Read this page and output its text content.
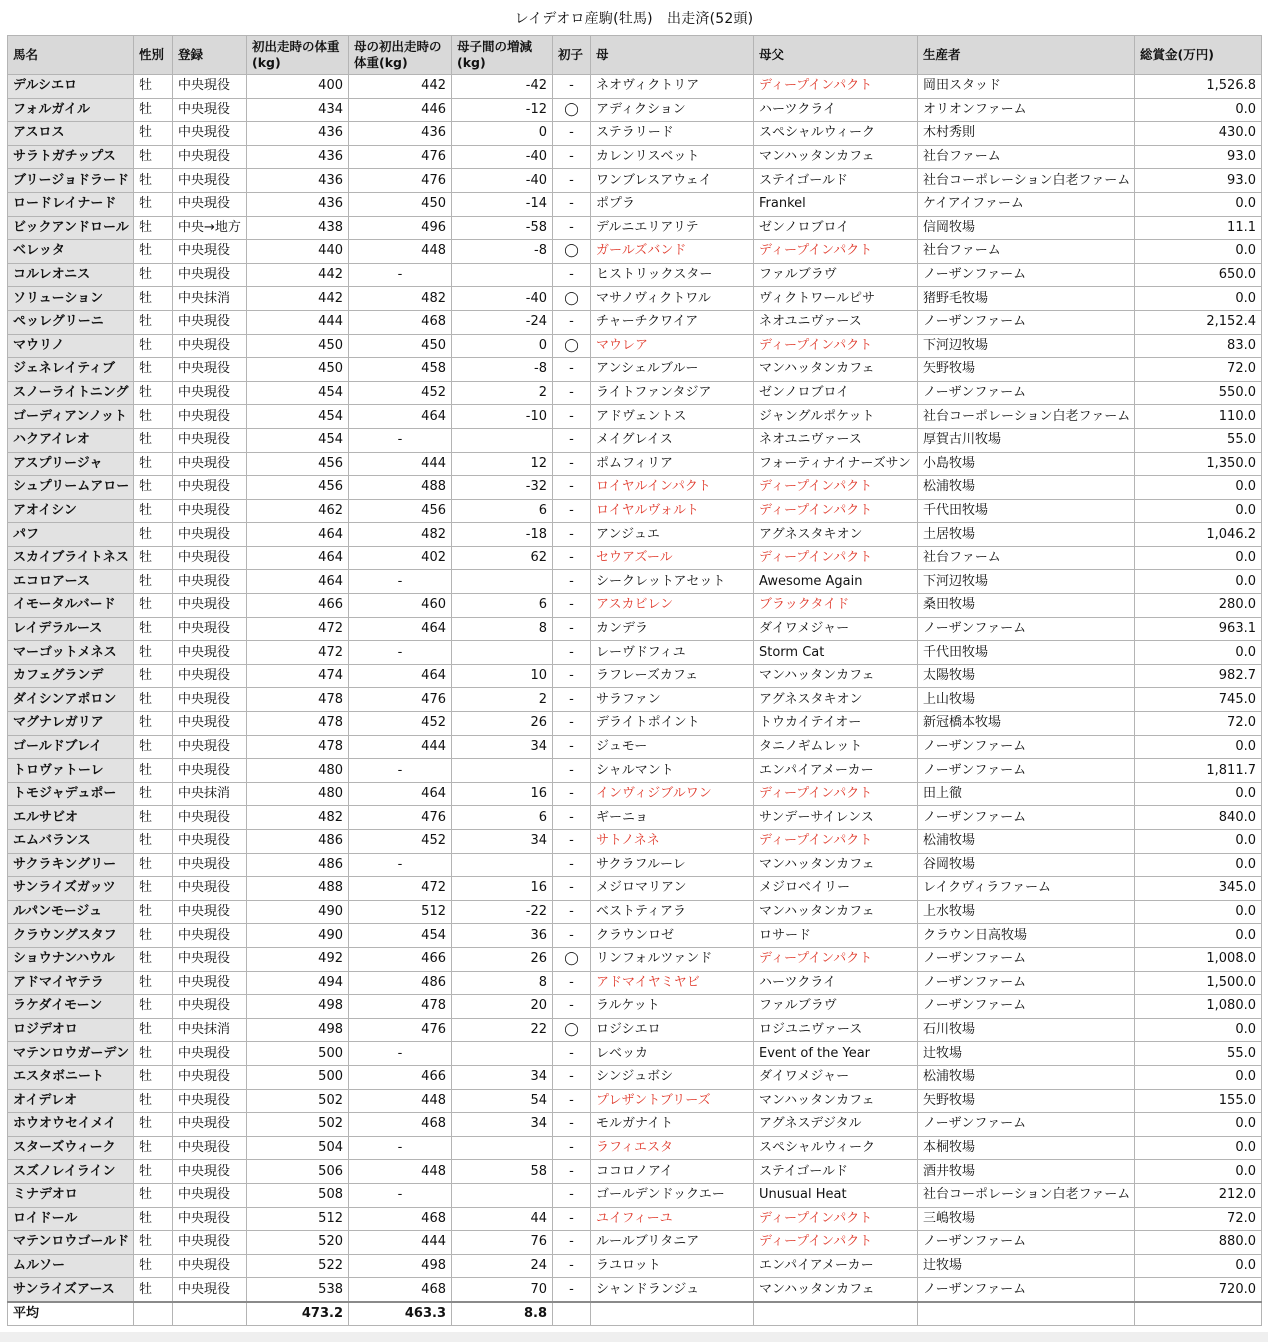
レイデオロ産駒(牡馬)　出走済(52頭)
馬名	性別	登録	初出走時の体重(kg)	母の初出走時の体重(kg)	母子間の増減(kg)	初子	母	母父	生産者	総賞金(万円)
デルシエロ	牡	中央現役	400	442	-42	-	ネオヴィクトリア	ディープインパクト	岡田スタッド	1,526.8
フォルガイル	牡	中央現役	434	446	-12	◯	アディクション	ハーツクライ	オリオンファーム	0.0
アスロス	牡	中央現役	436	436	0	-	ステラリード	スペシャルウィーク	木村秀則	430.0
サラトガチップス	牡	中央現役	436	476	-40	-	カレンリスベット	マンハッタンカフェ	社台ファーム	93.0
ブリージョドラード	牡	中央現役	436	476	-40	-	ワンブレスアウェイ	ステイゴールド	社台コーポレーション白老ファーム	93.0
ロードレイナード	牡	中央現役	436	450	-14	-	ポプラ	Frankel	ケイアイファーム	0.0
ビックアンドロール	牡	中央→地方	438	496	-58	-	デルニエリアリテ	ゼンノロブロイ	信岡牧場	11.1
ベレッタ	牡	中央現役	440	448	-8	◯	ガールズバンド	ディープインパクト	社台ファーム	0.0
コルレオニス	牡	中央現役	442	-		-	ヒストリックスター	ファルブラヴ	ノーザンファーム	650.0
ソリューション	牡	中央抹消	442	482	-40	◯	マサノヴィクトワル	ヴィクトワールピサ	猪野毛牧場	0.0
ペッレグリーニ	牡	中央現役	444	468	-24	-	チャーチクワイア	ネオユニヴァース	ノーザンファーム	2,152.4
マウリノ	牡	中央現役	450	450	0	◯	マウレア	ディープインパクト	下河辺牧場	83.0
ジェネレイティブ	牡	中央現役	450	458	-8	-	アンシェルブルー	マンハッタンカフェ	矢野牧場	72.0
スノーライトニング	牡	中央現役	454	452	2	-	ライトファンタジア	ゼンノロブロイ	ノーザンファーム	550.0
ゴーディアンノット	牡	中央現役	454	464	-10	-	アドヴェントス	ジャングルポケット	社台コーポレーション白老ファーム	110.0
ハクアイレオ	牡	中央現役	454	-		-	メイグレイス	ネオユニヴァース	厚賀古川牧場	55.0
アスプリージャ	牡	中央現役	456	444	12	-	ポムフィリア	フォーティナイナーズサン	小島牧場	1,350.0
シュプリームアロー	牡	中央現役	456	488	-32	-	ロイヤルインパクト	ディープインパクト	松浦牧場	0.0
アオイシン	牡	中央現役	462	456	6	-	ロイヤルヴォルト	ディープインパクト	千代田牧場	0.0
パフ	牡	中央現役	464	482	-18	-	アンジュエ	アグネスタキオン	土居牧場	1,046.2
スカイブライトネス	牡	中央現役	464	402	62	-	セウアズール	ディープインパクト	社台ファーム	0.0
エコロアース	牡	中央現役	464	-		-	シークレットアセット	Awesome Again	下河辺牧場	0.0
イモータルバード	牡	中央現役	466	460	6	-	アスカビレン	ブラックタイド	桑田牧場	280.0
レイデラルース	牡	中央現役	472	464	8	-	カンデラ	ダイワメジャー	ノーザンファーム	963.1
マーゴットメネス	牡	中央現役	472	-		-	レーヴドフィユ	Storm Cat	千代田牧場	0.0
カフェグランデ	牡	中央現役	474	464	10	-	ラフレーズカフェ	マンハッタンカフェ	太陽牧場	982.7
ダイシンアポロン	牡	中央現役	478	476	2	-	サラファン	アグネスタキオン	上山牧場	745.0
マグナレガリア	牡	中央現役	478	452	26	-	デライトポイント	トウカイテイオー	新冠橋本牧場	72.0
ゴールドブレイ	牡	中央現役	478	444	34	-	ジュモー	タニノギムレット	ノーザンファーム	0.0
トロヴァトーレ	牡	中央現役	480	-		-	シャルマント	エンパイアメーカー	ノーザンファーム	1,811.7
トモジャデュポー	牡	中央抹消	480	464	16	-	インヴィジブルワン	ディープインパクト	田上徹	0.0
エルサビオ	牡	中央現役	482	476	6	-	ギーニョ	サンデーサイレンス	ノーザンファーム	840.0
エムバランス	牡	中央現役	486	452	34	-	サトノネネ	ディープインパクト	松浦牧場	0.0
サクラキングリー	牡	中央現役	486	-		-	サクラフルーレ	マンハッタンカフェ	谷岡牧場	0.0
サンライズガッツ	牡	中央現役	488	472	16	-	メジロマリアン	メジロベイリー	レイクヴィラファーム	345.0
ルパンモージュ	牡	中央現役	490	512	-22	-	ベストティアラ	マンハッタンカフェ	上水牧場	0.0
クラウングスタフ	牡	中央現役	490	454	36	-	クラウンロゼ	ロサード	クラウン日高牧場	0.0
ショウナンハウル	牡	中央現役	492	466	26	◯	リンフォルツァンド	ディープインパクト	ノーザンファーム	1,008.0
アドマイヤテラ	牡	中央現役	494	486	8	-	アドマイヤミヤビ	ハーツクライ	ノーザンファーム	1,500.0
ラケダイモーン	牡	中央現役	498	478	20	-	ラルケット	ファルブラヴ	ノーザンファーム	1,080.0
ロジデオロ	牡	中央抹消	498	476	22	◯	ロジシエロ	ロジユニヴァース	石川牧場	0.0
マテンロウガーデン	牡	中央現役	500	-		-	レベッカ	Event of the Year	辻牧場	55.0
エスタボニート	牡	中央現役	500	466	34	-	シンジュボシ	ダイワメジャー	松浦牧場	0.0
オイデレオ	牡	中央現役	502	448	54	-	プレザントブリーズ	マンハッタンカフェ	矢野牧場	155.0
ホウオウセイメイ	牡	中央現役	502	468	34	-	モルガナイト	アグネスデジタル	ノーザンファーム	0.0
スターズウィーク	牡	中央現役	504	-		-	ラフィエスタ	スペシャルウィーク	本桐牧場	0.0
スズノレイライン	牡	中央現役	506	448	58	-	ココロノアイ	ステイゴールド	酒井牧場	0.0
ミナデオロ	牡	中央現役	508	-		-	ゴールデンドックエー	Unusual Heat	社台コーポレーション白老ファーム	212.0
ロイドール	牡	中央現役	512	468	44	-	ユイフィーユ	ディープインパクト	三嶋牧場	72.0
マテンロウゴールド	牡	中央現役	520	444	76	-	ルールブリタニア	ディープインパクト	ノーザンファーム	880.0
ムルソー	牡	中央現役	522	498	24	-	ラユロット	エンパイアメーカー	辻牧場	0.0
サンライズアース	牡	中央現役	538	468	70	-	シャンドランジュ	マンハッタンカフェ	ノーザンファーム	720.0
平均			473.2	463.3	8.8					
